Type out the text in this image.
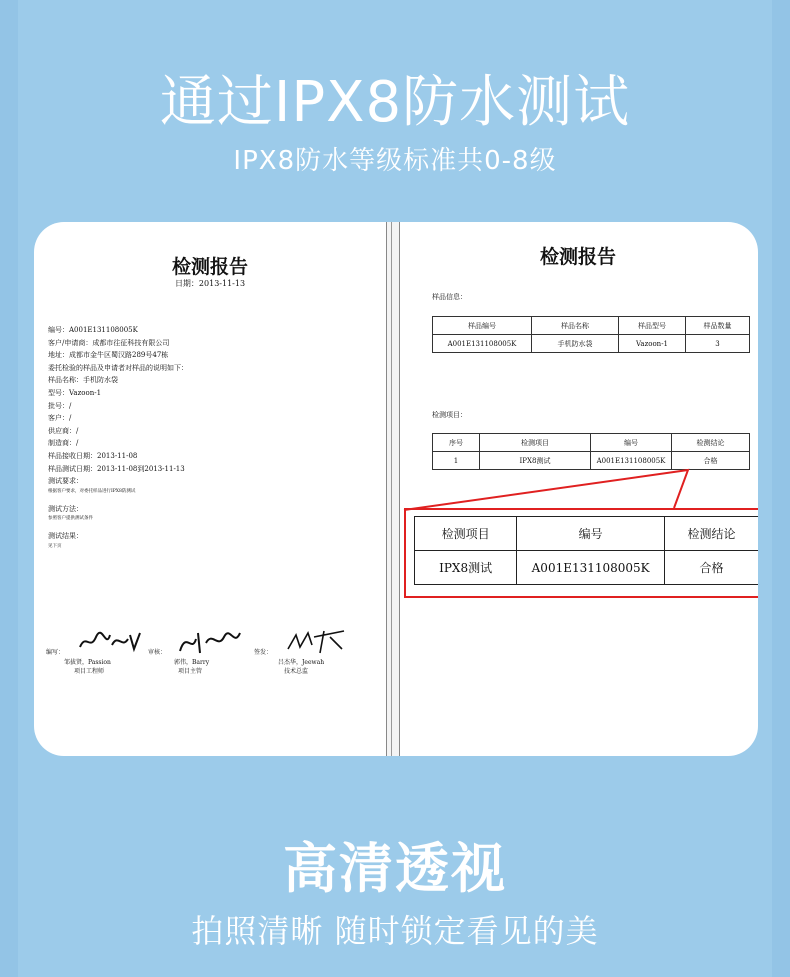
通过IPX8防水测试
IPX8防水等级标准共0-8级
检测报告
日期：2013-11-13
编号：A001E131108005K
客户/申请商：成都市往征科技有限公司
地址：成都市金牛区蜀汉路289号47栋
委托检验的样品及申请者对样品的说明如下：
样品名称：手机防水袋
型号：Vazoon-1
批号：/
客户：/
供应商：/
制造商：/
样品接收日期：2013-11-08
样品测试日期：2013-11-08到2013-11-13
测试要求：
根据客户要求，对委托样品进行IPX8防测试
测试方法：
参照客户提供测试条件
测试结果：
见下页
编写：
邹拔贤，Passion
项目工程师
审核：
郭伟，Barry
项目主管
签发：
吕杰华，Jeewah
技术总监
检测报告
样品信息：
样品编号	样品名称	样品型号	样品数量
A001E131108005K	手机防水袋	Vazoon-1	3
检测项目：
序号	检测项目	编号	检测结论
1	IPX8测试	A001E131108005K	合格
检测项目	编号	检测结论
IPX8测试	A001E131108005K	合格
高清透视
拍照清晰 随时锁定看见的美
